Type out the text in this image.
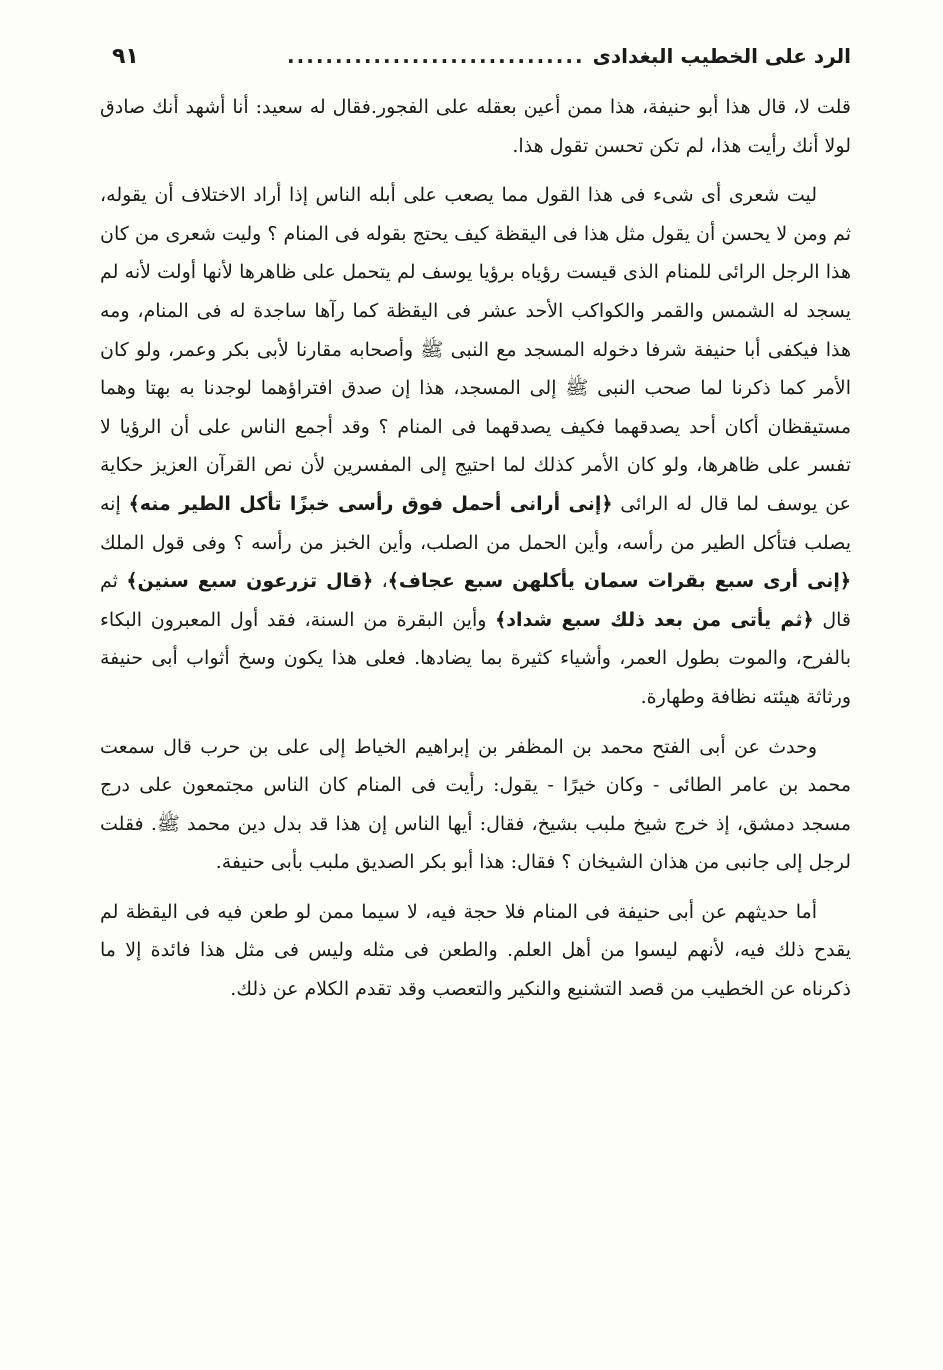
الرد على الخطيب البغدادى
...............................
٩١

قلت لا، قال هذا أبو حنيفة، هذا ممن أعين بعقله على الفجور.فقال له سعيد: أنا أشهد أنك صادق لولا أنك رأيت هذا، لم تكن تحسن تقول هذا.

ليت شعرى أى شىء فى هذا القول مما يصعب على أبله الناس إذا أراد الاختلاف أن يقوله، ثم ومن لا يحسن أن يقول مثل هذا فى اليقظة كيف يحتج بقوله فى المنام ؟ وليت شعرى من كان هذا الرجل الرائى للمنام الذى قيست رؤياه برؤيا يوسف لم يتحمل على ظاهرها لأنها أولت لأنه لم يسجد له الشمس والقمر والكواكب الأحد عشر فى اليقظة كما رآها ساجدة له فى المنام، ومه هذا فيكفى أبا حنيفة شرفا دخوله المسجد مع النبى ﷺ وأصحابه مقارنا لأبى بكر وعمر، ولو كان الأمر كما ذكرنا لما صحب النبى ﷺ إلى المسجد، هذا إن صدق افتراؤهما لوجدنا به بهتا وهما مستيقظان أكان أحد يصدقهما فكيف يصدقهما فى المنام ؟ وقد أجمع الناس على أن الرؤيا لا تفسر على ظاهرها، ولو كان الأمر كذلك لما احتيج إلى المفسرين لأن نص القرآن العزيز حكاية عن يوسف لما قال له الرائى ﴿إنى أرانى أحمل فوق رأسى خبزًا تأكل الطير منه﴾ إنه يصلب فتأكل الطير من رأسه، وأين الحمل من الصلب، وأين الخبز من رأسه ؟ وفى قول الملك ﴿إنى أرى سبع بقرات سمان يأكلهن سبع عجاف﴾، ﴿قال تزرعون سبع سنين﴾ ثم قال ﴿ثم يأتى من بعد ذلك سبع شداد﴾ وأين البقرة من السنة، فقد أول المعبرون البكاء بالفرح، والموت بطول العمر، وأشياء كثيرة بما يضادها. فعلى هذا يكون وسخ أثواب أبى حنيفة ورثاثة هيئته نظافة وطهارة.

وحدث عن أبى الفتح محمد بن المظفر بن إبراهيم الخياط إلى على بن حرب قال سمعت محمد بن عامر الطائى - وكان خيرًا - يقول: رأيت فى المنام كان الناس مجتمعون على درج مسجد دمشق، إذ خرج شيخ ملبب بشيخ، فقال: أيها الناس إن هذا قد بدل دين محمد ﷺ. فقلت لرجل إلى جانبى من هذان الشيخان ؟ فقال: هذا أبو بكر الصديق ملبب بأبى حنيفة.

أما حديثهم عن أبى حنيفة فى المنام فلا حجة فيه، لا سيما ممن لو طعن فيه فى اليقظة لم يقدح ذلك فيه، لأنهم ليسوا من أهل العلم. والطعن فى مثله وليس فى مثل هذا فائدة إلا ما ذكرناه عن الخطيب من قصد التشنيع والنكير والتعصب وقد تقدم الكلام عن ذلك.
